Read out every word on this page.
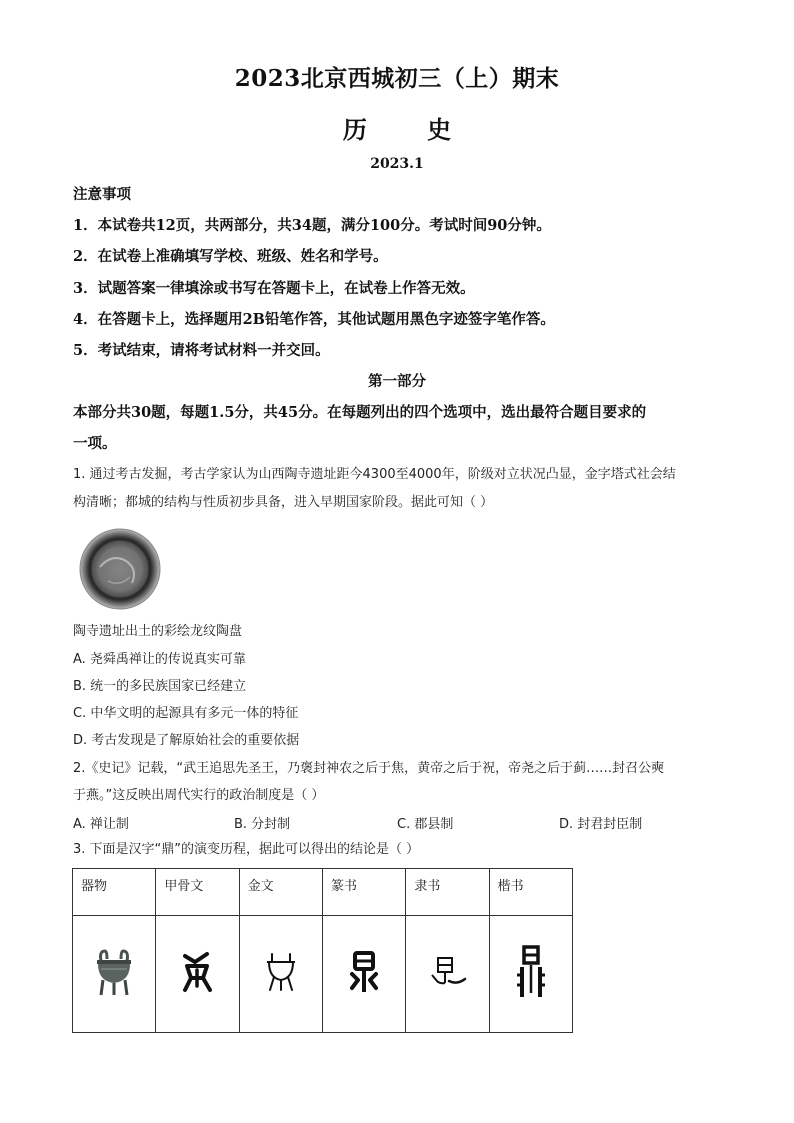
2023北京西城初三（上）期末
历 史
2023.1
注意事项
1．本试卷共12页，共两部分，共34题，满分100分。考试时间90分钟。
2．在试卷上准确填写学校、班级、姓名和学号。
3．试题答案一律填涂或书写在答题卡上，在试卷上作答无效。
4．在答题卡上，选择题用2B铅笔作答，其他试题用黑色字迹签字笔作答。
5．考试结束，请将考试材料一并交回。
第一部分
本部分共30题，每题1.5分，共45分。在每题列出的四个选项中，选出最符合题目要求的
一项。
1. 通过考古发掘，考古学家认为山西陶寺遗址距今4300至4000年，阶级对立状况凸显，金字塔式社会结
构清晰；都城的结构与性质初步具备，进入早期国家阶段。据此可知（ ）
陶寺遗址出土的彩绘龙纹陶盘
A. 尧舜禹禅让的传说真实可靠
B. 统一的多民族国家已经建立
C. 中华文明的起源具有多元一体的特征
D. 考古发现是了解原始社会的重要依据
2.《史记》记载，“武王追思先圣王，乃褒封神农之后于焦，黄帝之后于祝，帝尧之后于蓟……封召公奭
于燕。”这反映出周代实行的政治制度是（ ）
A. 禅让制	B. 分封制	C. 郡县制	D. 封君封臣制
3. 下面是汉字“鼎”的演变历程，据此可以得出的结论是（ ）
器物	甲骨文	金文	篆书	隶书	楷书
